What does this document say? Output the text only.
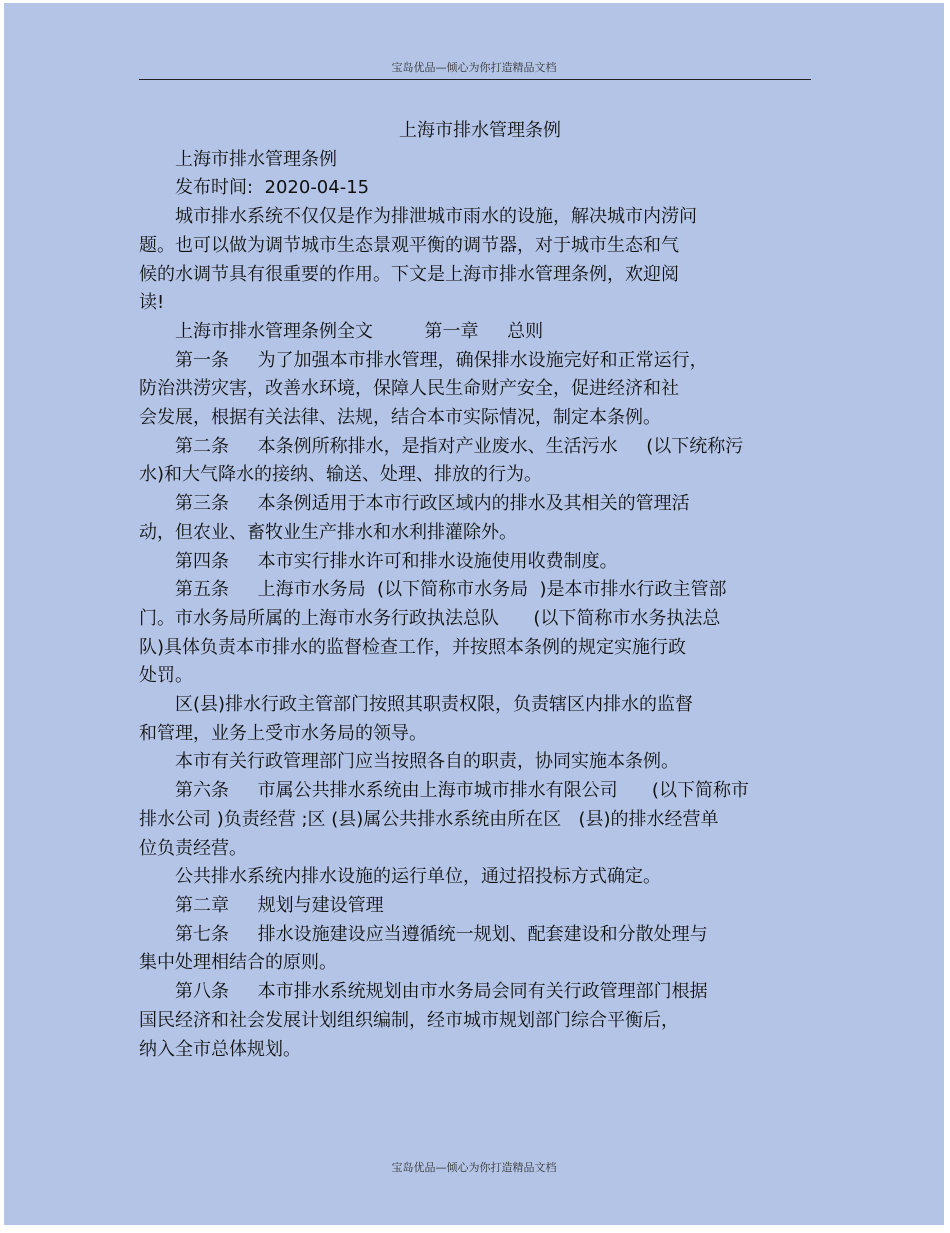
宝岛优品—倾心为你打造精品文档

上海市排水管理条例

上海市排水管理条例

发布时间:  2020-04-15

城市排水系统不仅仅是作为排泄城市雨水的设施，解决城市内涝问

题。也可以做为调节城市生态景观平衡的调节器，对于城市生态和气

候的水调节具有很重要的作用。下文是上海市排水管理条例，欢迎阅

读!

上海市排水管理条例全文         第一章     总则

第一条     为了加强本市排水管理，确保排水设施完好和正常运行，

防治洪涝灾害，改善水环境，保障人民生命财产安全，促进经济和社

会发展，根据有关法律、法规，结合本市实际情况，制定本条例。

第二条     本条例所称排水，是指对产业废水、生活污水     (以下统称污

水)和大气降水的接纳、输送、处理、排放的行为。

第三条     本条例适用于本市行政区域内的排水及其相关的管理活

动，但农业、畜牧业生产排水和水利排灌除外。

第四条     本市实行排水许可和排水设施使用收费制度。

第五条     上海市水务局  (以下简称市水务局  )是本市排水行政主管部

门。市水务局所属的上海市水务行政执法总队      (以下简称市水务执法总

队)具体负责本市排水的监督检查工作，并按照本条例的规定实施行政

处罚。

区(县)排水行政主管部门按照其职责权限，负责辖区内排水的监督

和管理，业务上受市水务局的领导。

本市有关行政管理部门应当按照各自的职责，协同实施本条例。

第六条     市属公共排水系统由上海市城市排水有限公司      (以下简称市

排水公司 )负责经营 ;区 (县)属公共排水系统由所在区   (县)的排水经营单

位负责经营。

公共排水系统内排水设施的运行单位，通过招投标方式确定。

第二章     规划与建设管理

第七条     排水设施建设应当遵循统一规划、配套建设和分散处理与

集中处理相结合的原则。

第八条     本市排水系统规划由市水务局会同有关行政管理部门根据

国民经济和社会发展计划组织编制，经市城市规划部门综合平衡后，

纳入全市总体规划。

宝岛优品—倾心为你打造精品文档
